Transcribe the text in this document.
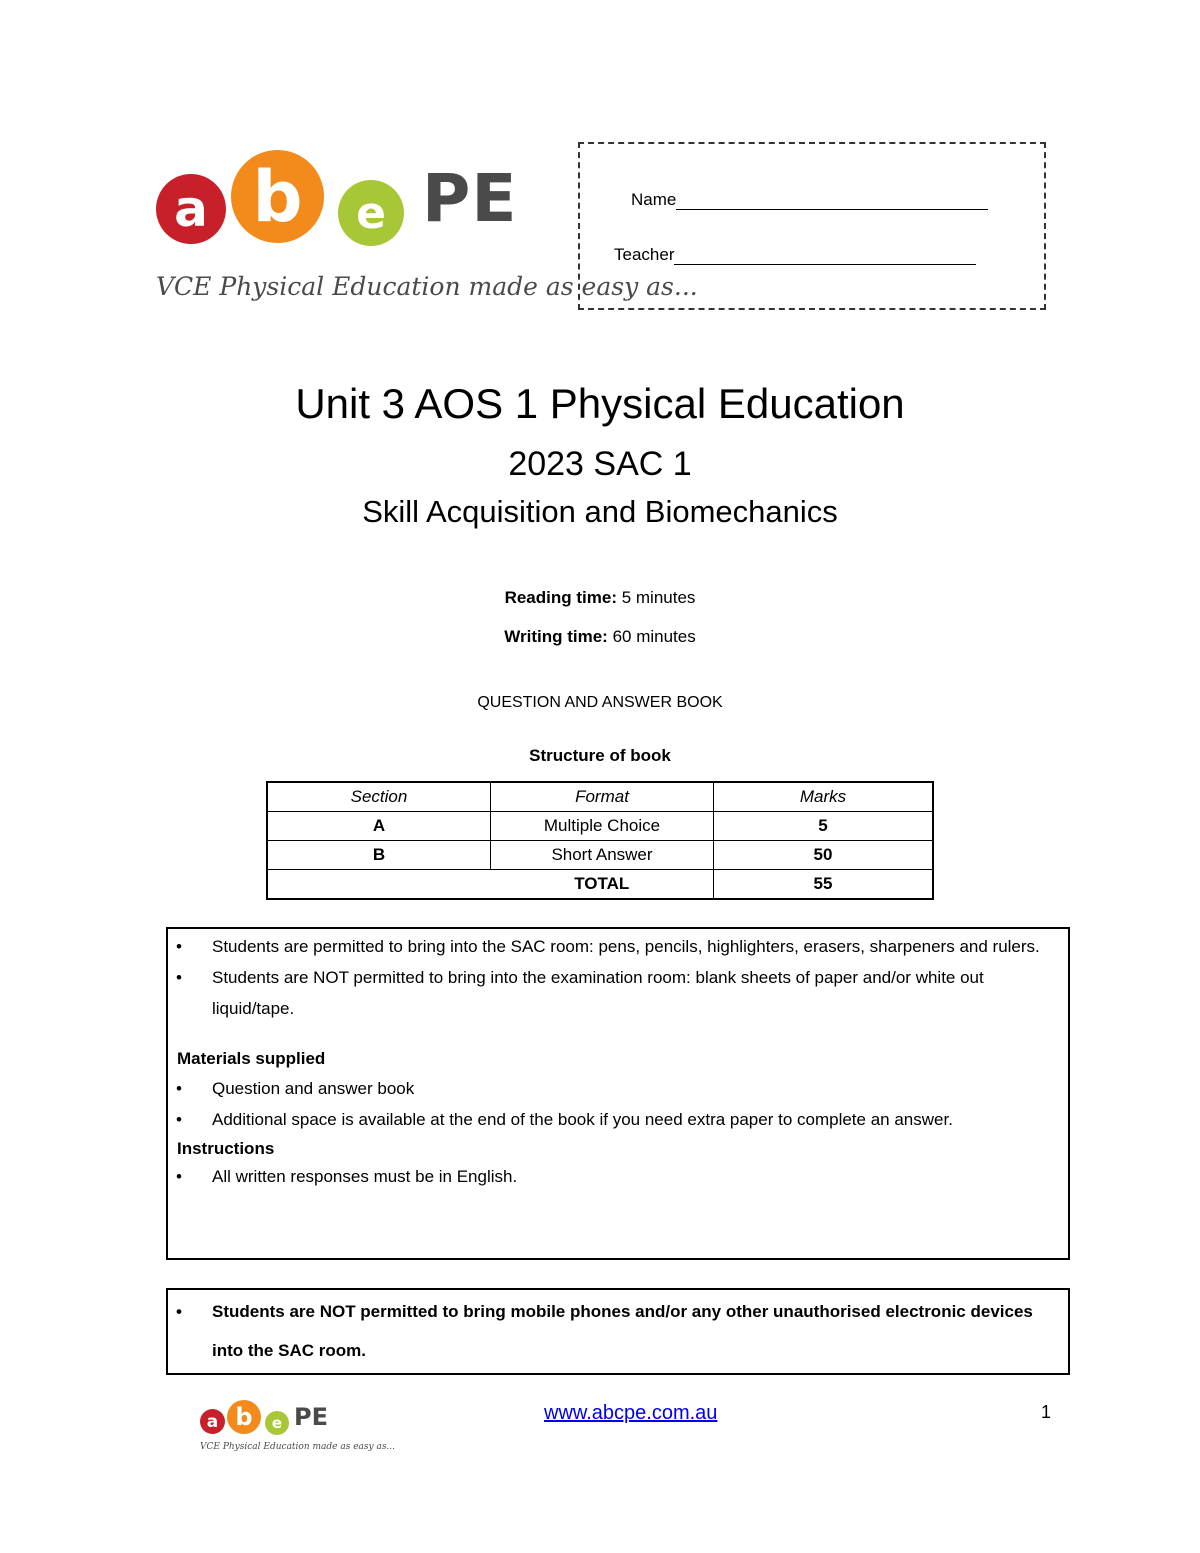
a b	e PE
VCE Physical Education made as easy as...
Name
Teacher
Unit 3 AOS 1 Physical Education
2023 SAC 1
Skill Acquisition and Biomechanics
Reading time: 5 minutes
Writing time: 60 minutes
QUESTION AND ANSWER BOOK
Structure of book
Section	Format	Marks
A	Multiple Choice	5
B	Short Answer	50
	TOTAL	55
• Students are permitted to bring into the SAC room: pens, pencils, highlighters, erasers, sharpeners and rulers.
• Students are NOT permitted to bring into the examination room: blank sheets of paper and/or white out liquid/tape.
Materials supplied
• Question and answer book
• Additional space is available at the end of the book if you need extra paper to complete an answer.
Instructions
• All written responses must be in English.
• Students are NOT permitted to bring mobile phones and/or any other unauthorised electronic devices into the SAC room.
a b	e PE
VCE Physical Education made as easy as...
www.abcpe.com.au	1
